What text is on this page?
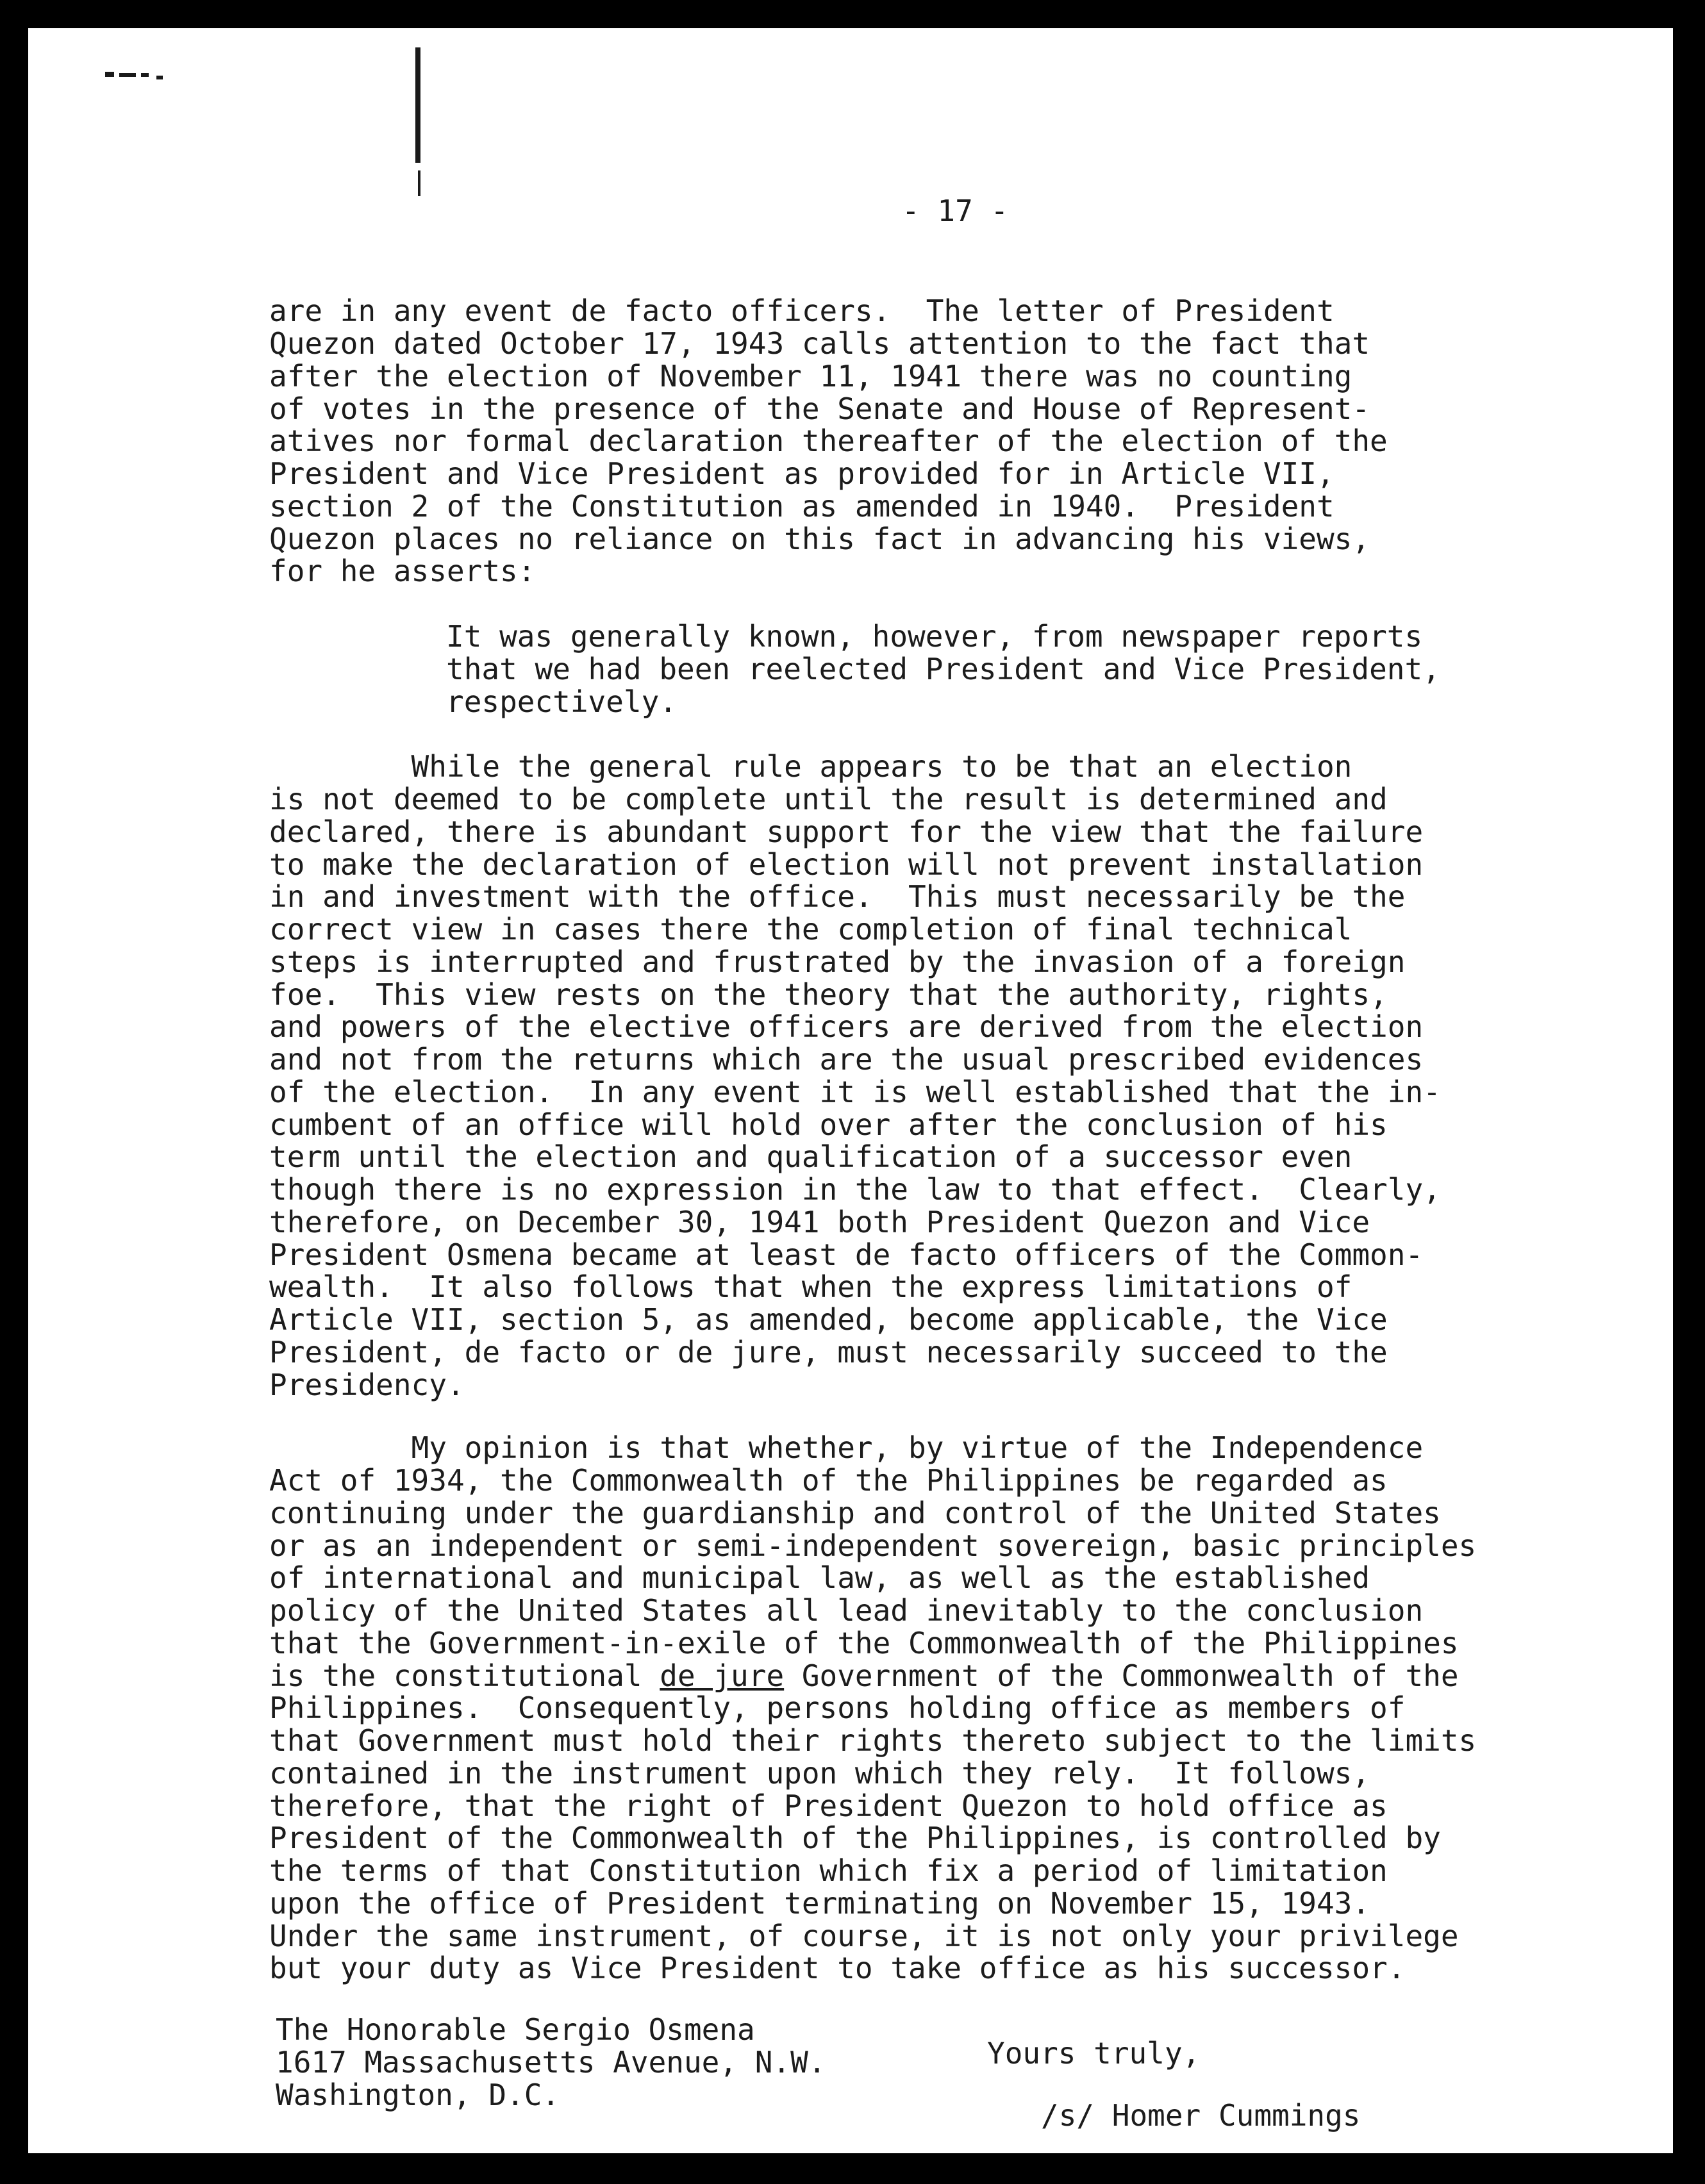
- 17 -

are in any event de facto officers.  The letter of President

Quezon dated October 17, 1943 calls attention to the fact that

after the election of November 11, 1941 there was no counting

of votes in the presence of the Senate and House of Represent-

atives nor formal declaration thereafter of the election of the

President and Vice President as provided for in Article VII,

section 2 of the Constitution as amended in 1940.  President

Quezon places no reliance on this fact in advancing his views,

for he asserts:

It was generally known, however, from newspaper reports

that we had been reelected President and Vice President,

respectively.

While the general rule appears to be that an election

is not deemed to be complete until the result is determined and

declared, there is abundant support for the view that the failure

to make the declaration of election will not prevent installation

in and investment with the office.  This must necessarily be the

correct view in cases there the completion of final technical

steps is interrupted and frustrated by the invasion of a foreign

foe.  This view rests on the theory that the authority, rights,

and powers of the elective officers are derived from the election

and not from the returns which are the usual prescribed evidences

of the election.  In any event it is well established that the in-

cumbent of an office will hold over after the conclusion of his

term until the election and qualification of a successor even

though there is no expression in the law to that effect.  Clearly,

therefore, on December 30, 1941 both President Quezon and Vice

President Osmena became at least de facto officers of the Common-

wealth.  It also follows that when the express limitations of

Article VII, section 5, as amended, become applicable, the Vice

President, de facto or de jure, must necessarily succeed to the

Presidency.

My opinion is that whether, by virtue of the Independence

Act of 1934, the Commonwealth of the Philippines be regarded as

continuing under the guardianship and control of the United States

or as an independent or semi-independent sovereign, basic principles

of international and municipal law, as well as the established

policy of the United States all lead inevitably to the conclusion

that the Government-in-exile of the Commonwealth of the Philippines

is the constitutional de jure Government of the Commonwealth of the

Philippines.  Consequently, persons holding office as members of

that Government must hold their rights thereto subject to the limits

contained in the instrument upon which they rely.  It follows,

therefore, that the right of President Quezon to hold office as

President of the Commonwealth of the Philippines, is controlled by

the terms of that Constitution which fix a period of limitation

upon the office of President terminating on November 15, 1943.

Under the same instrument, of course, it is not only your privilege

but your duty as Vice President to take office as his successor.

The Honorable Sergio Osmena

1617 Massachusetts Avenue, N.W.

Washington, D.C.

Yours truly,

/s/ Homer Cummings
